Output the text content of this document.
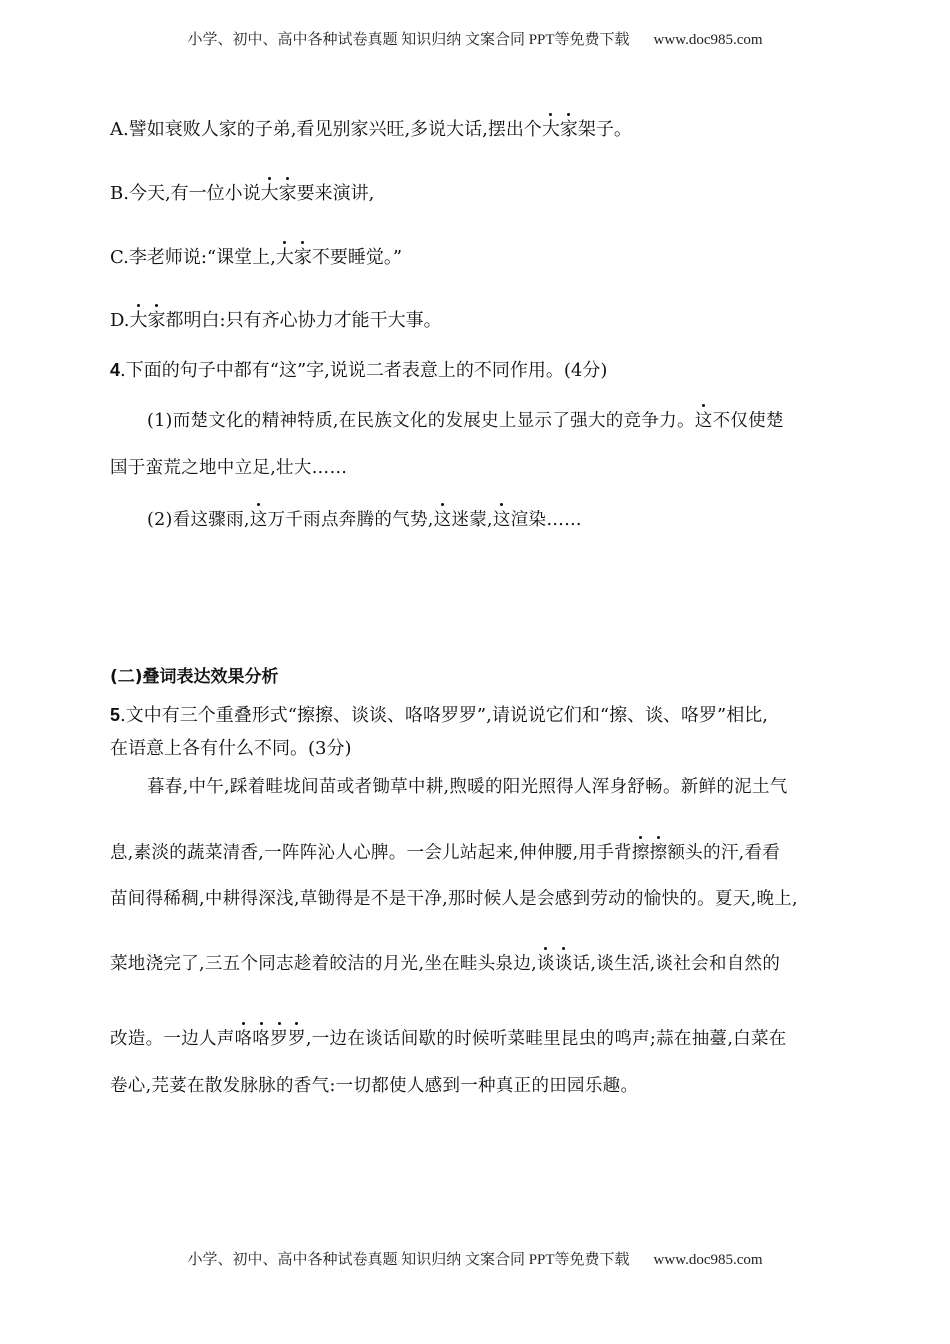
小学、初中、高中各种试卷真题 知识归纳 文案合同 PPT等免费下载 www.doc985.com
A.譬如衰败人家的子弟,看见别家兴旺,多说大话,摆出个大家架子。
B.今天,有一位小说大家要来演讲,
C.李老师说:“课堂上,大家不要睡觉。”
D.大家都明白:只有齐心协力才能干大事。
4.下面的句子中都有“这”字,说说二者表意上的不同作用。(4分)
(1)而楚文化的精神特质,在民族文化的发展史上显示了强大的竞争力。这不仅使楚
国于蛮荒之地中立足,壮大……
(2)看这骤雨,这万千雨点奔腾的气势,这迷蒙,这渲染……
(二)叠词表达效果分析
5.文中有三个重叠形式“擦擦、谈谈、咯咯罗罗”,请说说它们和“擦、谈、咯罗”相比,
在语意上各有什么不同。(3分)
暮春,中午,踩着畦垅间苗或者锄草中耕,煦暖的阳光照得人浑身舒畅。新鲜的泥土气
息,素淡的蔬菜清香,一阵阵沁人心脾。一会儿站起来,伸伸腰,用手背擦擦额头的汗,看看
苗间得稀稠,中耕得深浅,草锄得是不是干净,那时候人是会感到劳动的愉快的。夏天,晚上,
菜地浇完了,三五个同志趁着皎洁的月光,坐在畦头泉边,谈谈话,谈生活,谈社会和自然的
改造。一边人声咯咯罗罗,一边在谈话间歇的时候听菜畦里昆虫的鸣声;蒜在抽薹,白菜在
卷心,芫荽在散发脉脉的香气:一切都使人感到一种真正的田园乐趣。
小学、初中、高中各种试卷真题 知识归纳 文案合同 PPT等免费下载 www.doc985.com
